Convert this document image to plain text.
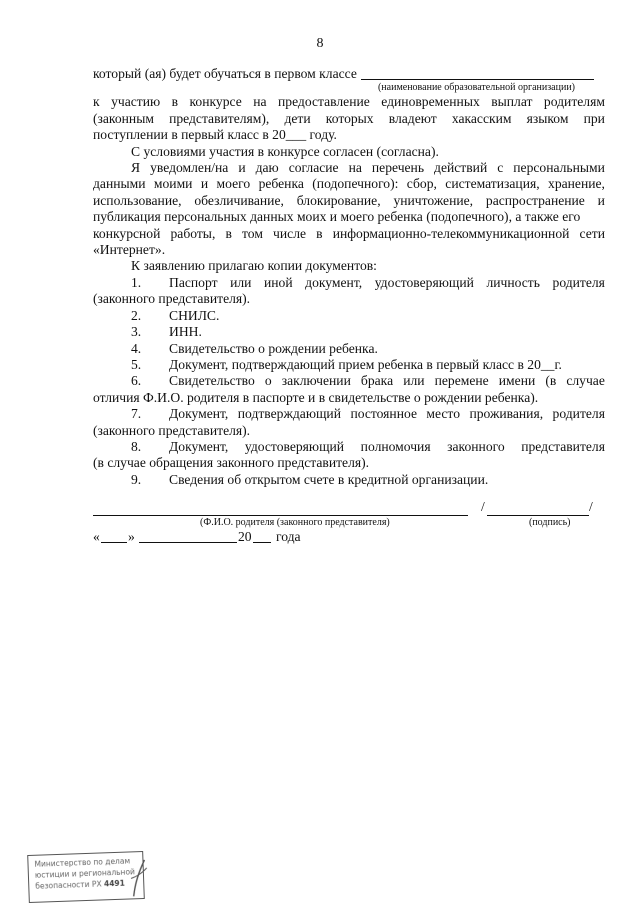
8
который (ая) будет обучаться в первом классе
(наименование образовательной организации)
к участию в конкурсе на предоставление единовременных выплат родителям
(законным представителям), дети которых владеют хакасским языком при
поступлении в первый класс в 20___ году.
С условиями участия в конкурсе согласен (согласна).
Я уведомлен/на и даю согласие на перечень действий с персональными
данными моими и моего ребенка (подопечного): сбор, систематизация, хранение,
использование, обезличивание, блокирование, уничтожение, распространение и
публикация персональных данных моих и моего ребенка (подопечного), а также его
конкурсной работы, в том числе в информационно-телекоммуникационной сети
«Интернет».
К заявлению прилагаю копии документов:
1.	Паспорт или иной документ, удостоверяющий личность родителя
(законного представителя).
2.	СНИЛС.
3.	ИНН.
4.	Свидетельство о рождении ребенка.
5.	Документ, подтверждающий прием ребенка в первый класс в 20__г.
6.	Свидетельство о заключении брака или перемене имени (в случае
отличия Ф.И.О. родителя в паспорте и в свидетельстве о рождении ребенка).
7.	Документ, подтверждающий постоянное место проживания, родителя
(законного представителя).
8.	Документ, удостоверяющий полномочия законного представителя
(в случае обращения законного представителя).
9.	Сведения об открытом счете в кредитной организации.
/	/
(Ф.И.О. родителя (законного представителя)	(подпись)
« »	20 года
Министерство по делам
юстиции и региональной
безопасности РХ 4491
